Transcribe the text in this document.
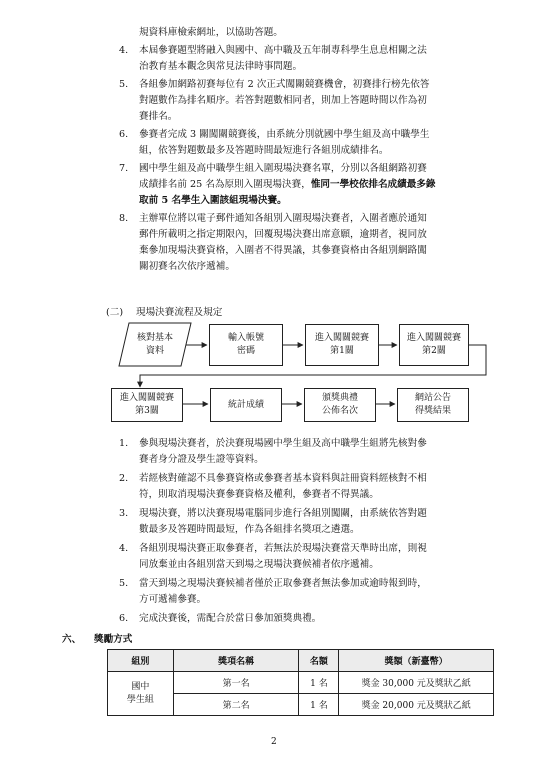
規資料庫檢索網址，以協助答題。
4. 本屆參賽題型將融入與國中、高中職及五年制專科學生息息相關之法
治教育基本觀念與常見法律時事問題。
5. 各組參加網路初賽每位有 2 次正式闖關競賽機會，初賽排行榜先依答
對題數作為排名順序。若答對題數相同者，則加上答題時間以作為初
賽排名。
6. 參賽者完成 3 關闖關競賽後，由系統分別就國中學生組及高中職學生
組，依答對題數最多及答題時間最短進行各組別成績排名。
7. 國中學生組及高中職學生組入圍現場決賽名單，分別以各組網路初賽
成績排名前 25 名為原則入圍現場決賽，惟同一學校依排名成績最多錄
取前 5 名學生入圍該組現場決賽。
8. 主辦單位將以電子郵件通知各組別入圍現場決賽者，入圍者應於通知
郵件所載明之指定期限內，回覆現場決賽出席意願，逾期者，視同放
棄參加現場決賽資格，入圍者不得異議，其參賽資格由各組別網路闖
關初賽名次依序遞補。
(二) 現場決賽流程及規定
核對基本
資料
輸入帳號
密碼
進入闖關競賽
第1關
進入闖關競賽
第2關
進入闖關競賽
第3關
統計成績
頒獎典禮
公佈名次
網站公告
得獎結果
1. 參與現場決賽者，於決賽現場國中學生組及高中職學生組將先核對參
賽者身分證及學生證等資料。
2. 若經核對確認不具參賽資格或參賽者基本資料與註冊資料經核對不相
符，則取消現場決賽參賽資格及權利，參賽者不得異議。
3. 現場決賽，將以決賽現場電腦同步進行各組別闖關，由系統依答對題
數最多及答題時間最短，作為各組排名獎項之遴選。
4. 各組別現場決賽正取參賽者，若無法於現場決賽當天準時出席，則視
同放棄並由各組別當天到場之現場決賽候補者依序遞補。
5. 當天到場之現場決賽候補者僅於正取參賽者無法參加或逾時報到時，
方可遞補參賽。
6. 完成決賽後，需配合於當日參加頒獎典禮。
六、 獎勵方式
組別	獎項名稱	名額	獎額（新臺幣）
國中
學生組	第一名	1 名	獎金 30,000 元及獎狀乙紙
	第二名	1 名	獎金 20,000 元及獎狀乙紙
2
